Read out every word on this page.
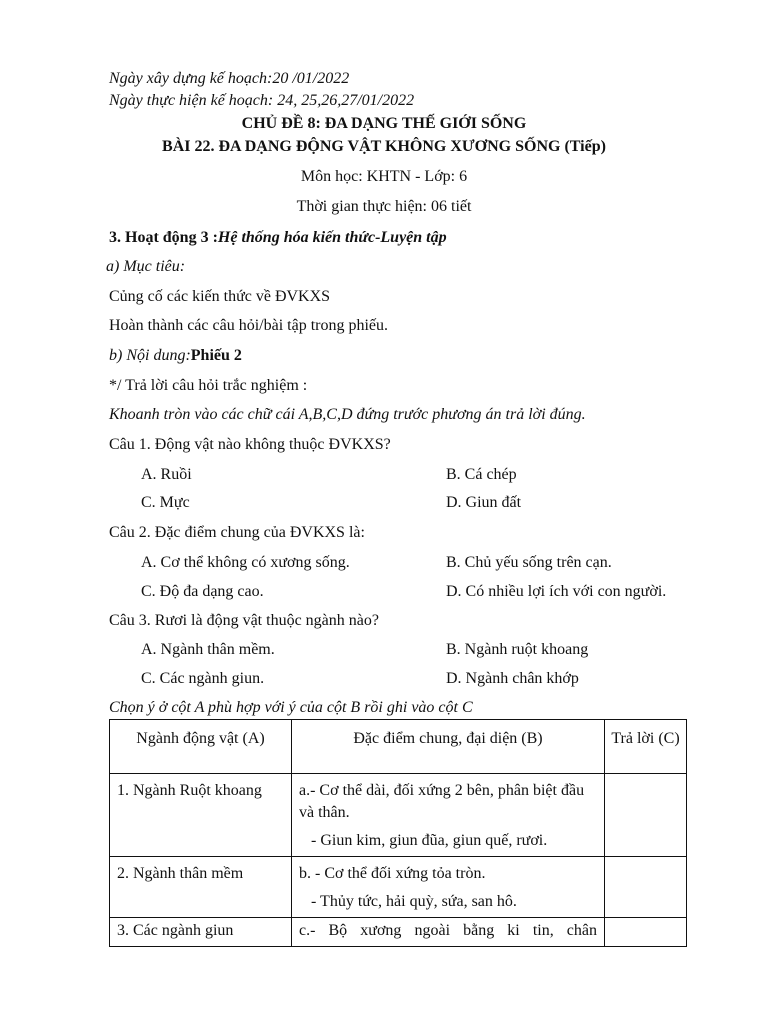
Ngày xây dựng kế hoạch:20 /01/2022
Ngày thực hiện kế hoạch: 24, 25,26,27/01/2022
CHỦ ĐỀ 8: ĐA DẠNG THẾ GIỚI SỐNG
BÀI 22. ĐA DẠNG ĐỘNG VẬT KHÔNG XƯƠNG SỐNG (Tiếp)
Môn học: KHTN - Lớp: 6
Thời gian thực hiện: 06 tiết
3. Hoạt động 3 :Hệ thống hóa kiến thức-Luyện tập
a) Mục tiêu:
Củng cố các kiến thức về ĐVKXS
Hoàn thành các câu hỏi/bài tập trong phiếu.
b) Nội dung:Phiếu 2
*/ Trả lời câu hỏi trắc nghiệm :
Khoanh tròn vào các chữ cái A,B,C,D đứng trước phương án trả lời đúng.
Câu 1. Động vật nào không thuộc ĐVKXS?
A. Ruồi	B. Cá chép
C. Mực	D. Giun đất
Câu 2. Đặc điểm chung của ĐVKXS là:
A. Cơ thể không có xương sống.	B. Chủ yếu sống trên cạn.
C. Độ đa dạng cao.	D. Có nhiều lợi ích với con người.
Câu 3. Rươi là động vật thuộc ngành nào?
A. Ngành thân mềm.	B. Ngành ruột khoang
C. Các ngành giun.	D. Ngành chân khớp
Chọn ý ở cột A phù hợp với ý của cột B rồi ghi vào cột C
Ngành động vật (A)	Đặc điểm chung, đại diện (B)	Trả lời (C)
1. Ngành Ruột khoang	a.- Cơ thể dài, đối xứng 2 bên, phân biệt đầu và thân.
- Giun kim, giun đũa, giun quế, rươi.	

2. Ngành thân mềm	b. - Cơ thể đối xứng tỏa tròn.
- Thủy tức, hải quỳ, sứa, san hô.	

3. Các ngành giun	c.- Bộ xương ngoài bằng ki tin, chân	
